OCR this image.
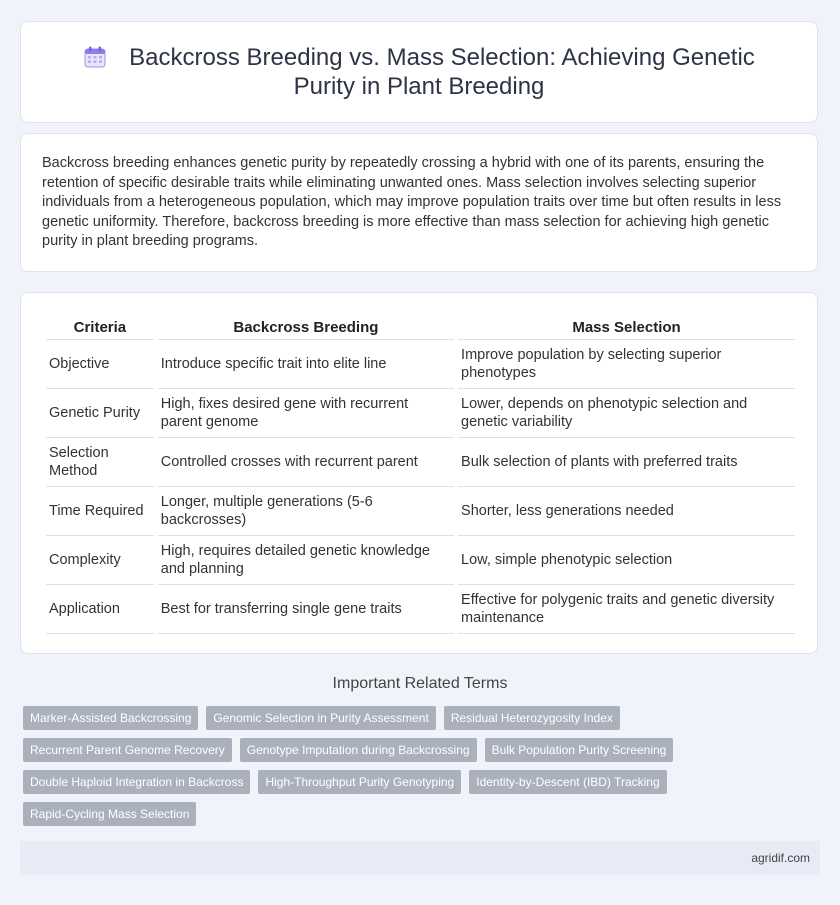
Backcross Breeding vs. Mass Selection: Achieving Genetic Purity in Plant Breeding

Backcross breeding enhances genetic purity by repeatedly crossing a hybrid with one of its parents, ensuring the retention of specific desirable traits while eliminating unwanted ones. Mass selection involves selecting superior individuals from a heterogeneous population, which may improve population traits over time but often results in less genetic uniformity. Therefore, backcross breeding is more effective than mass selection for achieving high genetic purity in plant breeding programs.

Criteria	Backcross Breeding	Mass Selection
Objective	Introduce specific trait into elite line	Improve population by selecting superior phenotypes
Genetic Purity	High, fixes desired gene with recurrent parent genome	Lower, depends on phenotypic selection and genetic variability
Selection Method	Controlled crosses with recurrent parent	Bulk selection of plants with preferred traits
Time Required	Longer, multiple generations (5-6 backcrosses)	Shorter, less generations needed
Complexity	High, requires detailed genetic knowledge and planning	Low, simple phenotypic selection
Application	Best for transferring single gene traits	Effective for polygenic traits and genetic diversity maintenance
Important Related Terms
Marker-Assisted Backcrossing	Genomic Selection in Purity Assessment	Residual Heterozygosity Index
Recurrent Parent Genome Recovery	Genotype Imputation during Backcrossing	Bulk Population Purity Screening
Double Haploid Integration in Backcross	High-Throughput Purity Genotyping	Identity-by-Descent (IBD) Tracking
Rapid-Cycling Mass Selection
agridif.com
